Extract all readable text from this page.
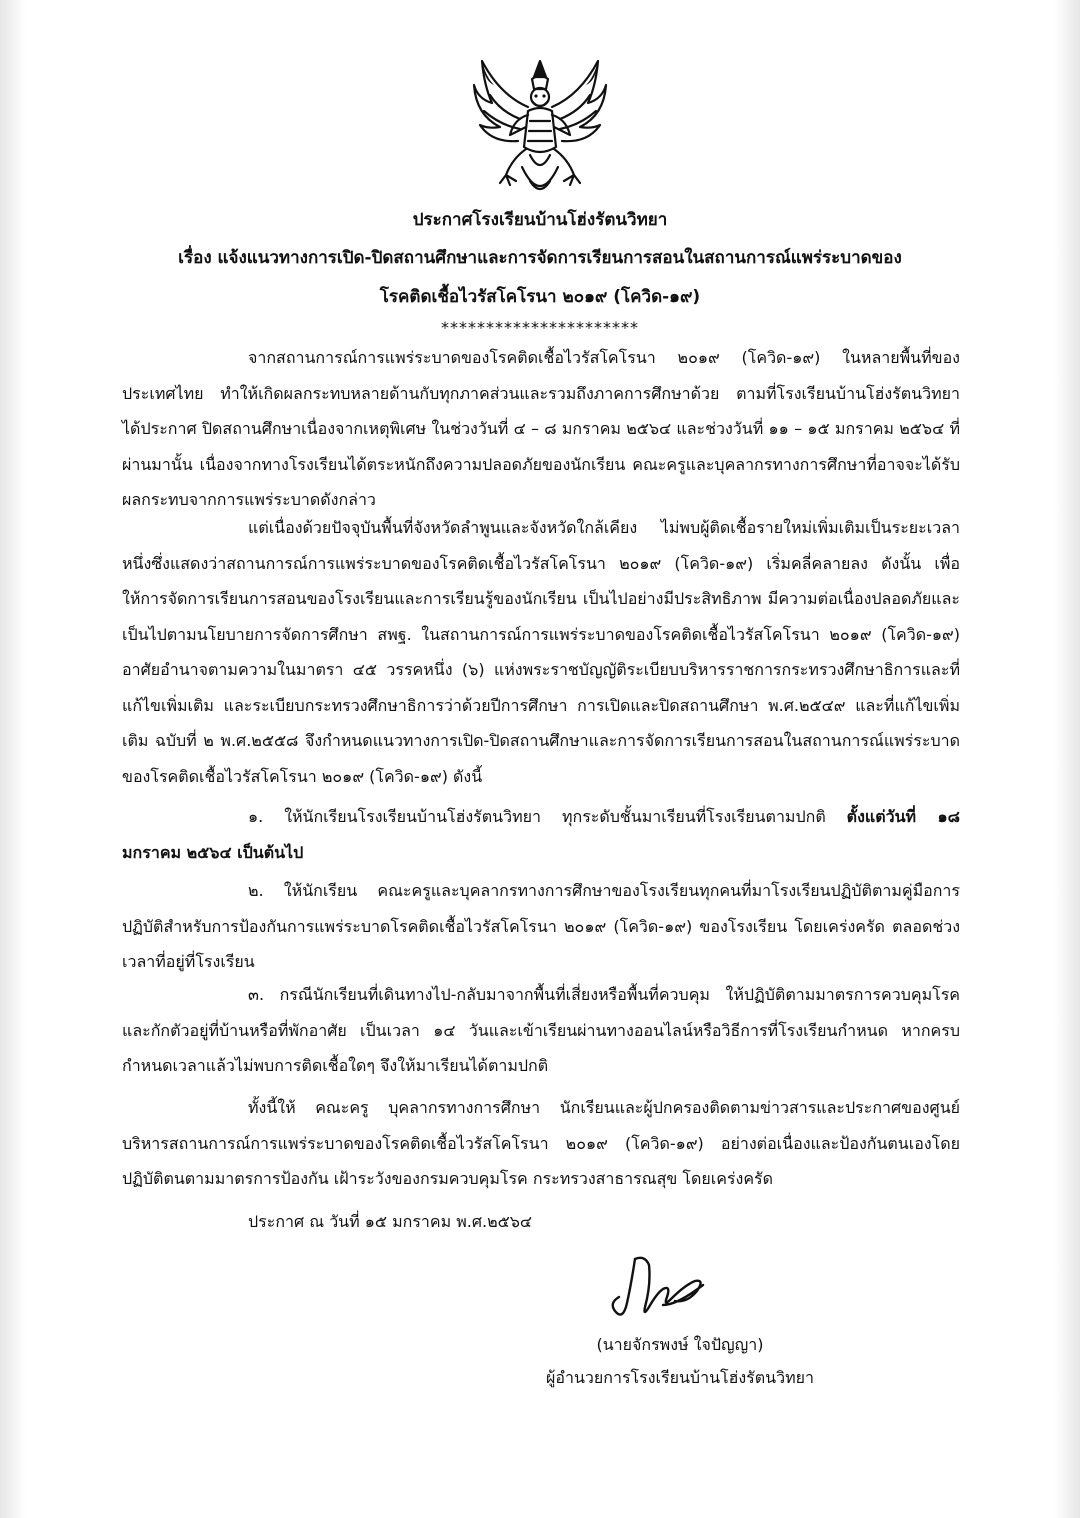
ประกาศโรงเรียนบ้านโฮ่งรัตนวิทยา
เรื่อง แจ้งแนวทางการเปิด-ปิดสถานศึกษาและการจัดการเรียนการสอนในสถานการณ์แพร่ระบาดของ
โรคติดเชื้อไวรัสโคโรนา ๒๐๑๙ (โควิด-๑๙)
**********************

จากสถานการณ์การแพร่ระบาดของโรคติดเชื้อไวรัสโคโรนา ๒๐๑๙ (โควิด-๑๙) ในหลายพื้นที่ของประเทศไทย ทำให้เกิดผลกระทบหลายด้านกับทุกภาคส่วนและรวมถึงภาคการศึกษาด้วย ตามที่โรงเรียนบ้านโฮ่งรัตนวิทยา ได้ประกาศ ปิดสถานศึกษาเนื่องจากเหตุพิเศษ ในช่วงวันที่ ๔ – ๘ มกราคม ๒๕๖๔ และช่วงวันที่ ๑๑ – ๑๕ มกราคม ๒๕๖๔ ที่ผ่านมานั้น เนื่องจากทางโรงเรียนได้ตระหนักถึงความปลอดภัยของนักเรียน คณะครูและบุคลากรทางการศึกษาที่อาจจะได้รับผลกระทบจากการแพร่ระบาดดังกล่าว

แต่เนื่องด้วยปัจจุบันพื้นที่จังหวัดลำพูนและจังหวัดใกล้เคียง ไม่พบผู้ติดเชื้อรายใหม่เพิ่มเติมเป็นระยะเวลาหนึ่งซึ่งแสดงว่าสถานการณ์การแพร่ระบาดของโรคติดเชื้อไวรัสโคโรนา ๒๐๑๙ (โควิด-๑๙) เริ่มคลี่คลายลง ดังนั้น เพื่อให้การจัดการเรียนการสอนของโรงเรียนและการเรียนรู้ของนักเรียน เป็นไปอย่างมีประสิทธิภาพ มีความต่อเนื่องปลอดภัยและเป็นไปตามนโยบายการจัดการศึกษา สพฐ. ในสถานการณ์การแพร่ระบาดของโรคติดเชื้อไวรัสโคโรนา ๒๐๑๙ (โควิด-๑๙) อาศัยอำนาจตามความในมาตรา ๔๕ วรรคหนึ่ง (๖) แห่งพระราชบัญญัติระเบียบบริหารราชการกระทรวงศึกษาธิการและที่แก้ไขเพิ่มเติม และระเบียบกระทรวงศึกษาธิการว่าด้วยปีการศึกษา การเปิดและปิดสถานศึกษา พ.ศ.๒๕๔๙ และที่แก้ไขเพิ่มเติม ฉบับที่ ๒ พ.ศ.๒๕๕๘ จึงกำหนดแนวทางการเปิด-ปิดสถานศึกษาและการจัดการเรียนการสอนในสถานการณ์แพร่ระบาดของโรคติดเชื้อไวรัสโคโรนา ๒๐๑๙ (โควิด-๑๙) ดังนี้

๑. ให้นักเรียนโรงเรียนบ้านโฮ่งรัตนวิทยา ทุกระดับชั้นมาเรียนที่โรงเรียนตามปกติ ตั้งแต่วันที่ ๑๘ มกราคม ๒๕๖๔ เป็นต้นไป

๒. ให้นักเรียน คณะครูและบุคลากรทางการศึกษาของโรงเรียนทุกคนที่มาโรงเรียนปฏิบัติตามคู่มือการปฏิบัติสำหรับการป้องกันการแพร่ระบาดโรคติดเชื้อไวรัสโคโรนา ๒๐๑๙ (โควิด-๑๙) ของโรงเรียน โดยเคร่งครัด ตลอดช่วงเวลาที่อยู่ที่โรงเรียน

๓. กรณีนักเรียนที่เดินทางไป-กลับมาจากพื้นที่เสี่ยงหรือพื้นที่ควบคุม ให้ปฏิบัติตามมาตรการควบคุมโรคและกักตัวอยู่ที่บ้านหรือที่พักอาศัย เป็นเวลา ๑๔ วันและเข้าเรียนผ่านทางออนไลน์หรือวิธีการที่โรงเรียนกำหนด หากครบกำหนดเวลาแล้วไม่พบการติดเชื้อใดๆ จึงให้มาเรียนได้ตามปกติ

ทั้งนี้ให้ คณะครู บุคลากรทางการศึกษา นักเรียนและผู้ปกครองติดตามข่าวสารและประกาศของศูนย์บริหารสถานการณ์การแพร่ระบาดของโรคติดเชื้อไวรัสโคโรนา ๒๐๑๙ (โควิด-๑๙) อย่างต่อเนื่องและป้องกันตนเองโดยปฏิบัติตนตามมาตรการป้องกัน เฝ้าระวังของกรมควบคุมโรค กระทรวงสาธารณสุข โดยเคร่งครัด

ประกาศ ณ วันที่ ๑๕ มกราคม พ.ศ.๒๕๖๔
(นายจักรพงษ์ ใจปัญญา)
ผู้อำนวยการโรงเรียนบ้านโฮ่งรัตนวิทยา
